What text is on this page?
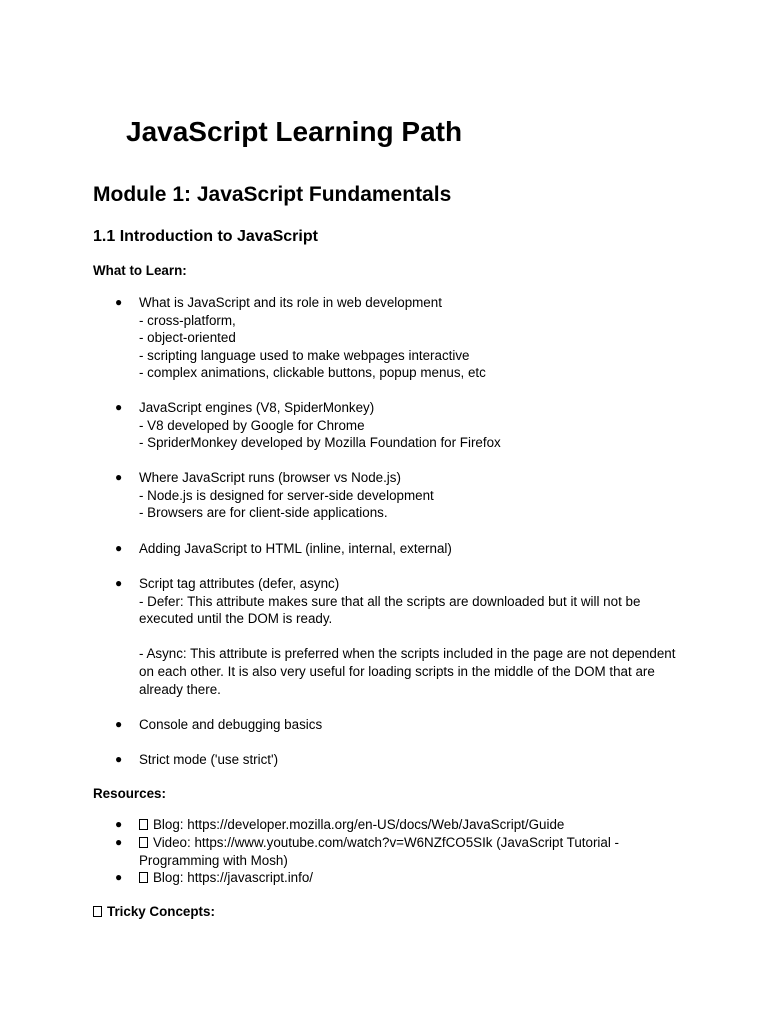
JavaScript Learning Path
Module 1: JavaScript Fundamentals
1.1 Introduction to JavaScript

What to Learn:

● What is JavaScript and its role in web development
- cross-platform,
- object-oriented
- scripting language used to make webpages interactive
- complex animations, clickable buttons, popup menus, etc
● JavaScript engines (V8, SpiderMonkey)
- V8 developed by Google for Chrome
- SpriderMonkey developed by Mozilla Foundation for Firefox
● Where JavaScript runs (browser vs Node.js)
- Node.js is designed for server-side development
- Browsers are for client-side applications.
● Adding JavaScript to HTML (inline, internal, external)
● Script tag attributes (defer, async)
- Defer: This attribute makes sure that all the scripts are downloaded but it will not be executed until the DOM is ready.
- Async: This attribute is preferred when the scripts included in the page are not dependent on each other. It is also very useful for loading scripts in the middle of the DOM that are already there.
● Console and debugging basics
● Strict mode ('use strict')

Resources:

●	Blog: https://developer.mozilla.org/en-US/docs/Web/JavaScript/Guide
●	Video: https://www.youtube.com/watch?v=W6NZfCO5SIk (JavaScript Tutorial - Programming with Mosh)
●	Blog: https://javascript.info/

Tricky Concepts:
